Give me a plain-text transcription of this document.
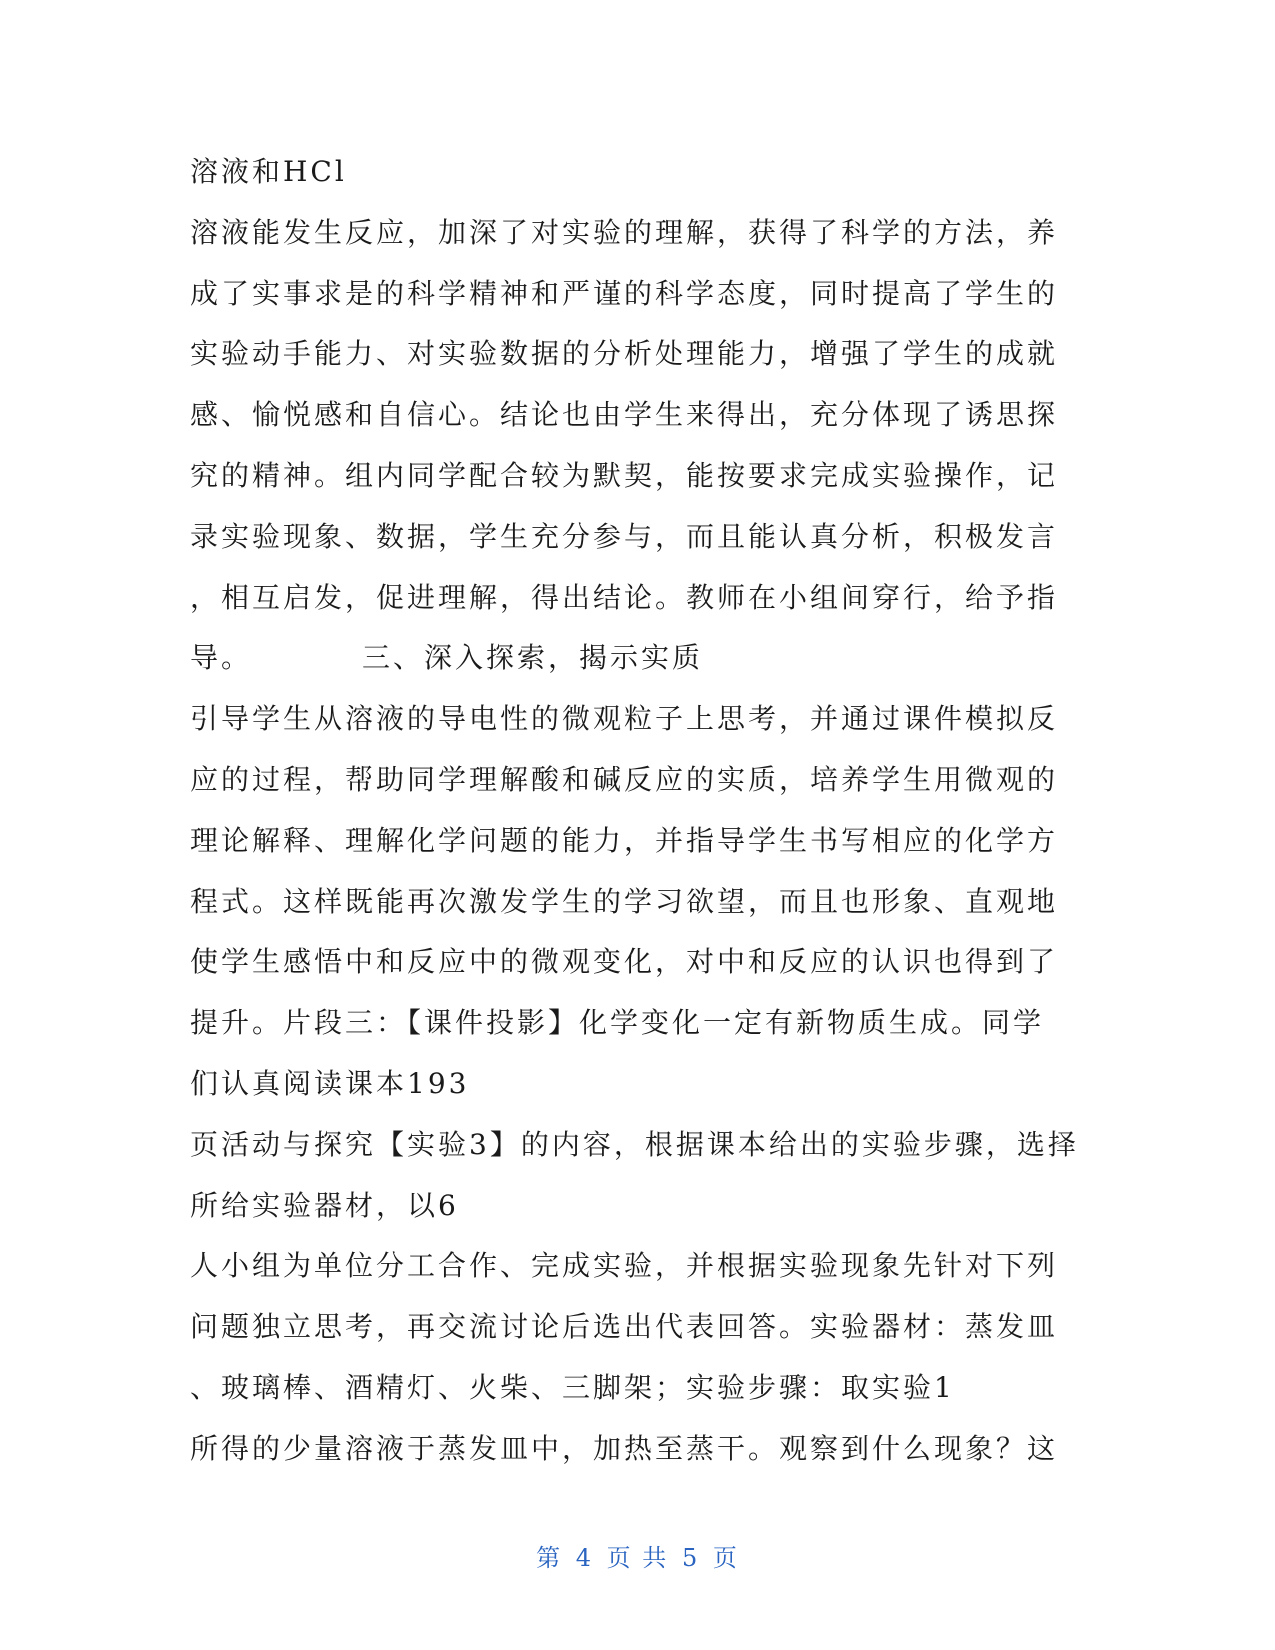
溶液和HCl
溶液能发生反应，加深了对实验的理解，获得了科学的方法，养
成了实事求是的科学精神和严谨的科学态度，同时提高了学生的
实验动手能力、对实验数据的分析处理能力，增强了学生的成就
感、愉悦感和自信心。结论也由学生来得出，充分体现了诱思探
究的精神。组内同学配合较为默契，能按要求完成实验操作，记
录实验现象、数据，学生充分参与，而且能认真分析，积极发言
，相互启发，促进理解，得出结论。教师在小组间穿行，给予指
导。	三、深入探索，揭示实质
引导学生从溶液的导电性的微观粒子上思考，并通过课件模拟反
应的过程，帮助同学理解酸和碱反应的实质，培养学生用微观的
理论解释、理解化学问题的能力，并指导学生书写相应的化学方
程式。这样既能再次激发学生的学习欲望，而且也形象、直观地
使学生感悟中和反应中的微观变化，对中和反应的认识也得到了
提升。片段三：【课件投影】化学变化一定有新物质生成。同学
们认真阅读课本193
页活动与探究【实验3】的内容，根据课本给出的实验步骤，选择
所给实验器材，以6
人小组为单位分工合作、完成实验，并根据实验现象先针对下列
问题独立思考，再交流讨论后选出代表回答。实验器材：蒸发皿
、玻璃棒、酒精灯、火柴、三脚架；实验步骤：取实验1
所得的少量溶液于蒸发皿中，加热至蒸干。观察到什么现象？这
第 4 页 共 5 页
